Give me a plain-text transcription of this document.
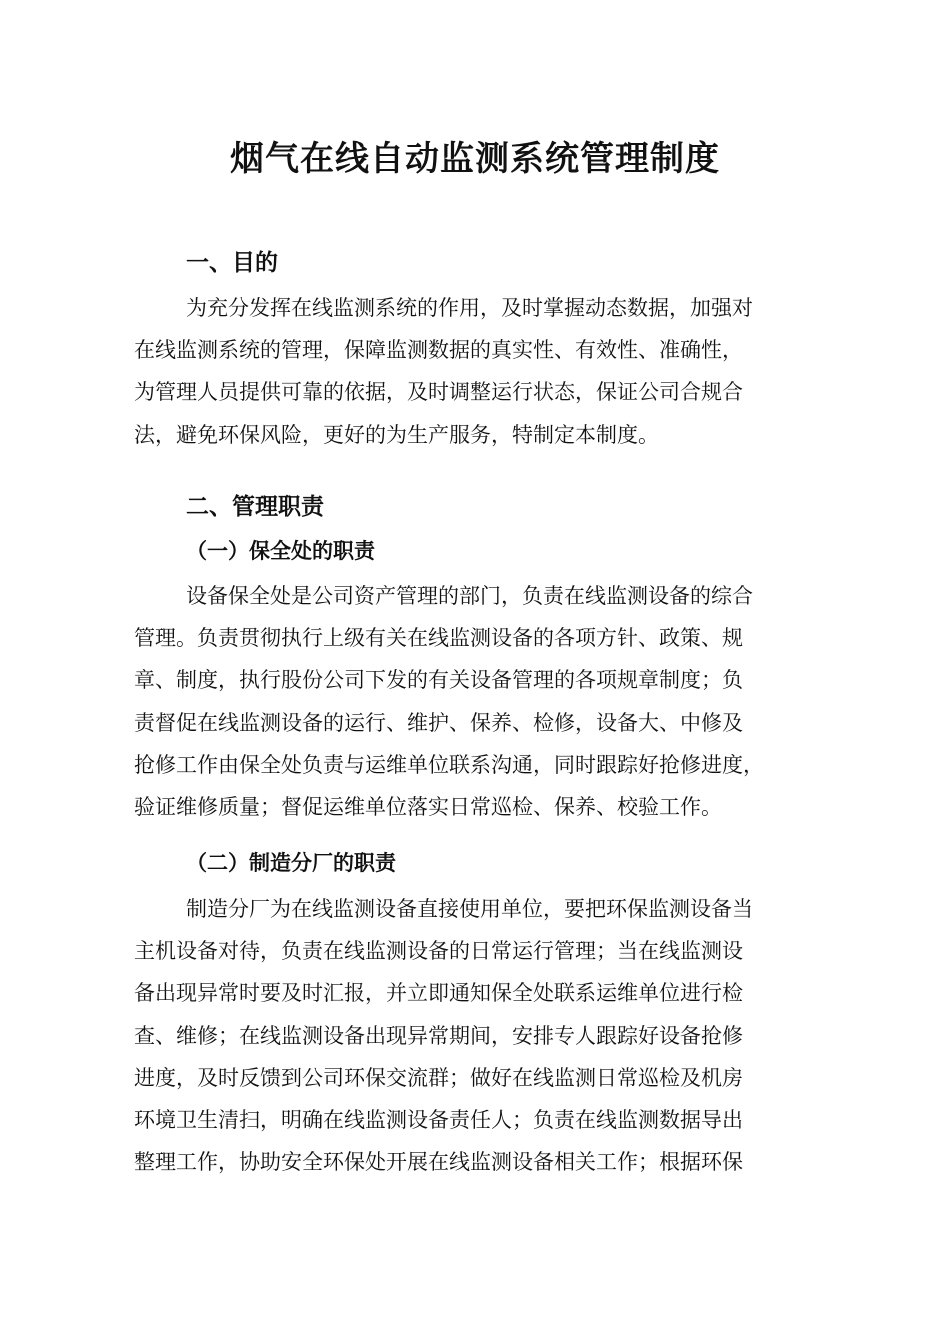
烟气在线自动监测系统管理制度
一、目的
为充分发挥在线监测系统的作用，及时掌握动态数据，加强对
在线监测系统的管理，保障监测数据的真实性、有效性、准确性，
为管理人员提供可靠的依据，及时调整运行状态，保证公司合规合
法，避免环保风险，更好的为生产服务，特制定本制度。
二、管理职责
（一）保全处的职责
设备保全处是公司资产管理的部门，负责在线监测设备的综合
管理。负责贯彻执行上级有关在线监测设备的各项方针、政策、规
章、制度，执行股份公司下发的有关设备管理的各项规章制度；负
责督促在线监测设备的运行、维护、保养、检修，设备大、中修及
抢修工作由保全处负责与运维单位联系沟通，同时跟踪好抢修进度，
验证维修质量；督促运维单位落实日常巡检、保养、校验工作。
（二）制造分厂的职责
制造分厂为在线监测设备直接使用单位，要把环保监测设备当
主机设备对待，负责在线监测设备的日常运行管理；当在线监测设
备出现异常时要及时汇报，并立即通知保全处联系运维单位进行检
查、维修；在线监测设备出现异常期间，安排专人跟踪好设备抢修
进度，及时反馈到公司环保交流群；做好在线监测日常巡检及机房
环境卫生清扫，明确在线监测设备责任人；负责在线监测数据导出
整理工作，协助安全环保处开展在线监测设备相关工作；根据环保
